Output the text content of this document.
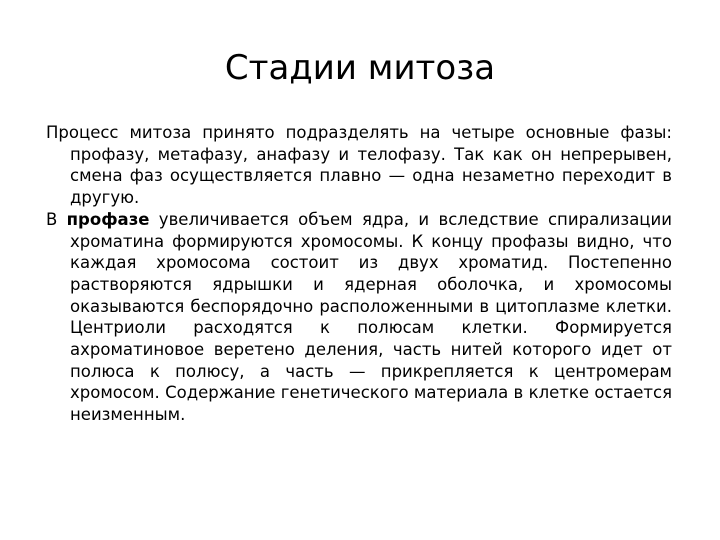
Стадии митоза

Процесс митоза принято подразделять на четыре основные фазы: профазу, метафазу, анафазу и телофазу. Так как он непрерывен, смена фаз осуществляется плавно — одна незаметно переходит в другую.

В профазе увеличивается объем ядра, и вследствие спирализации хроматина формируются хромосомы. К концу профазы видно, что каждая хромосома состоит из двух хроматид. Постепенно растворяются ядрышки и ядерная оболочка, и хромосомы оказываются беспорядочно расположенными в цитоплазме клетки. Центриоли расходятся к полюсам клетки. Формируется ахроматиновое веретено деления, часть нитей которого идет от полюса к полюсу, а часть — прикрепляется к центромерам хромосом. Содержание генетического материала в клетке остается неизменным.
